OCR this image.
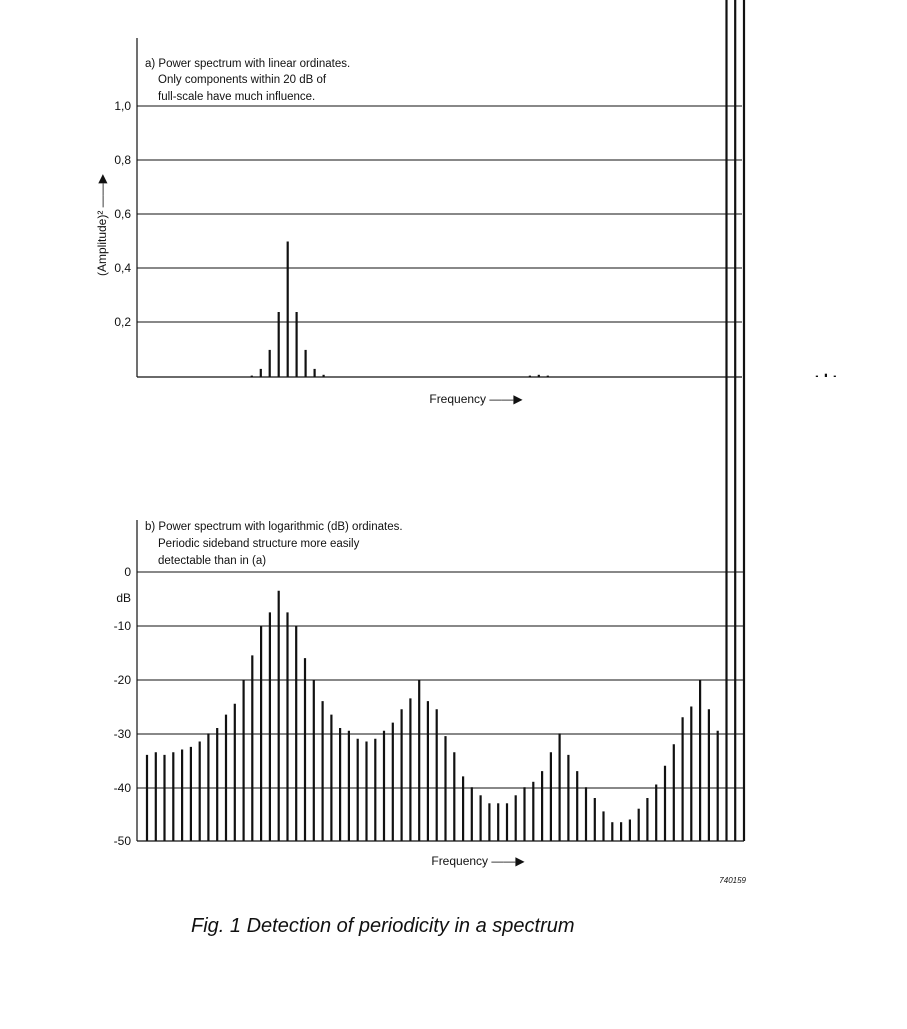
1,0
0,8
0,6
0,4
0,2
(Amplitude)² ——▶
a) Power spectrum with linear ordinates.
Only components within 20 dB of
full-scale have much influence.
Frequency ——▶
0
-10
-20
-30
-40
-50
dB
b) Power spectrum with logarithmic (dB) ordinates.
Periodic sideband structure more easily
detectable than in (a)
Frequency ——▶
740159
Fig. 1 Detection of periodicity in a spectrum
